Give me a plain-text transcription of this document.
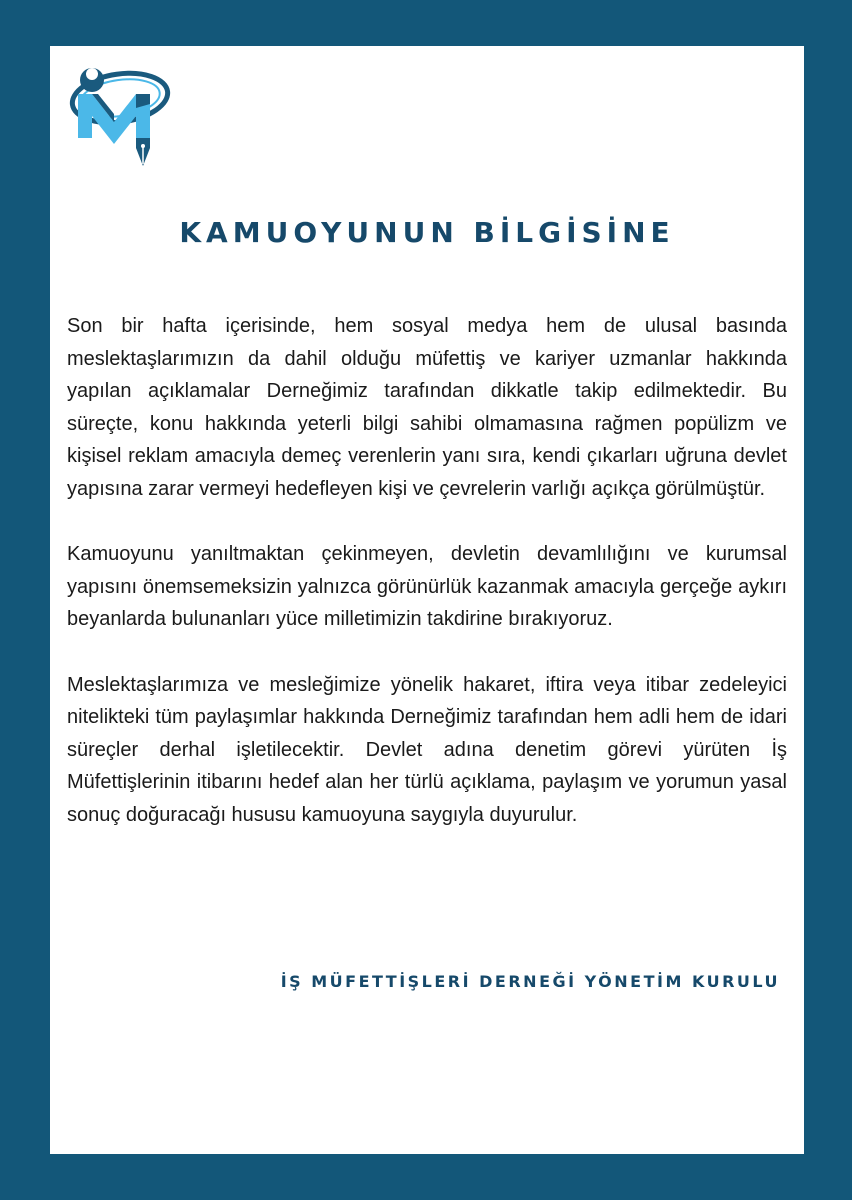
KAMUOYUNUN BİLGİSİNE

Son bir hafta içerisinde, hem sosyal medya hem de ulusal basında meslektaşlarımızın da dahil olduğu müfettiş ve kariyer uzmanlar hakkında yapılan açıklamalar Derneğimiz tarafından dikkatle takip edilmektedir. Bu süreçte, konu hakkında yeterli bilgi sahibi olmamasına rağmen popülizm ve kişisel reklam amacıyla demeç verenlerin yanı sıra, kendi çıkarları uğruna devlet yapısına zarar vermeyi hedefleyen kişi ve çevrelerin varlığı açıkça görülmüştür.

Kamuoyunu yanıltmaktan çekinmeyen, devletin devamlılığını ve kurumsal yapısını önemsemeksizin yalnızca görünürlük kazanmak amacıyla gerçeğe aykırı beyanlarda bulunanları yüce milletimizin takdirine bırakıyoruz.

Meslektaşlarımıza ve mesleğimize yönelik hakaret, iftira veya itibar zedeleyici nitelikteki tüm paylaşımlar hakkında Derneğimiz tarafından hem adli hem de idari süreçler derhal işletilecektir. Devlet adına denetim görevi yürüten İş Müfettişlerinin itibarını hedef alan her türlü açıklama, paylaşım ve yorumun yasal sonuç doğuracağı hususu kamuoyuna saygıyla duyurulur.

İŞ MÜFETTİŞLERİ DERNEĞİ YÖNETİM KURULU
